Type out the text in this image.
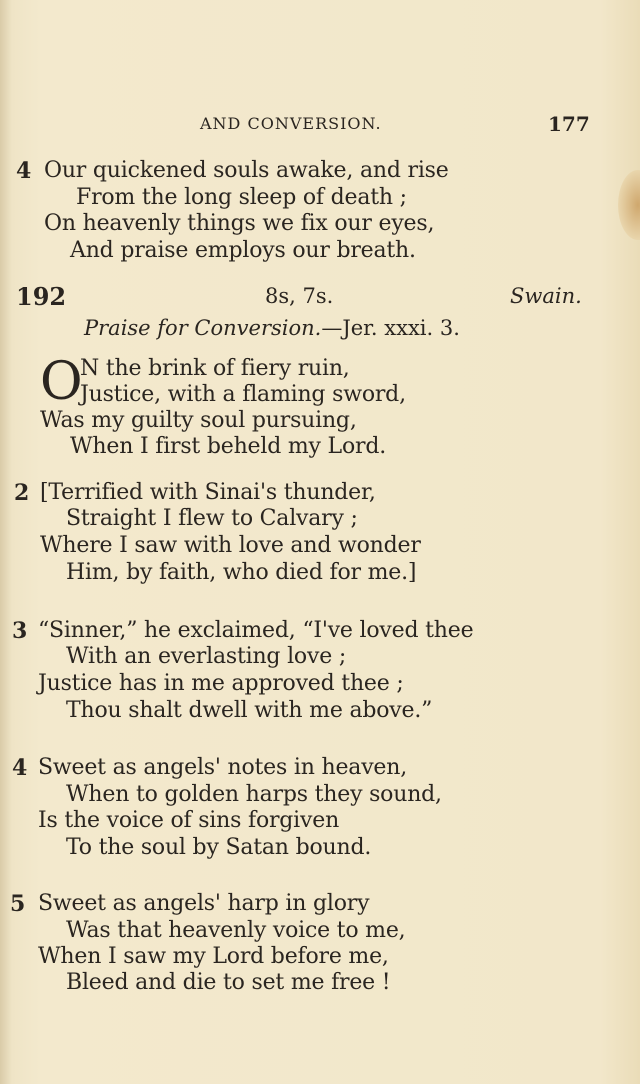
AND CONVERSION.	177
4 Our quickened souls awake, and rise
From the long sleep of death ;
On heavenly things we fix our eyes,
And praise employs our breath.
192	8s, 7s.	Swain.
Praise for Conversion.—Jer. xxxi. 3.
O
N the brink of fiery ruin,
Justice, with a flaming sword,
Was my guilty soul pursuing,
When I first beheld my Lord.
2 [Terrified with Sinai's thunder,
Straight I flew to Calvary ;
Where I saw with love and wonder
Him, by faith, who died for me.]
3 “Sinner,” he exclaimed, “I've loved thee
With an everlasting love ;
Justice has in me approved thee ;
Thou shalt dwell with me above.”
4 Sweet as angels' notes in heaven,
When to golden harps they sound,
Is the voice of sins forgiven
To the soul by Satan bound.
5 Sweet as angels' harp in glory
Was that heavenly voice to me,
When I saw my Lord before me,
Bleed and die to set me free !
